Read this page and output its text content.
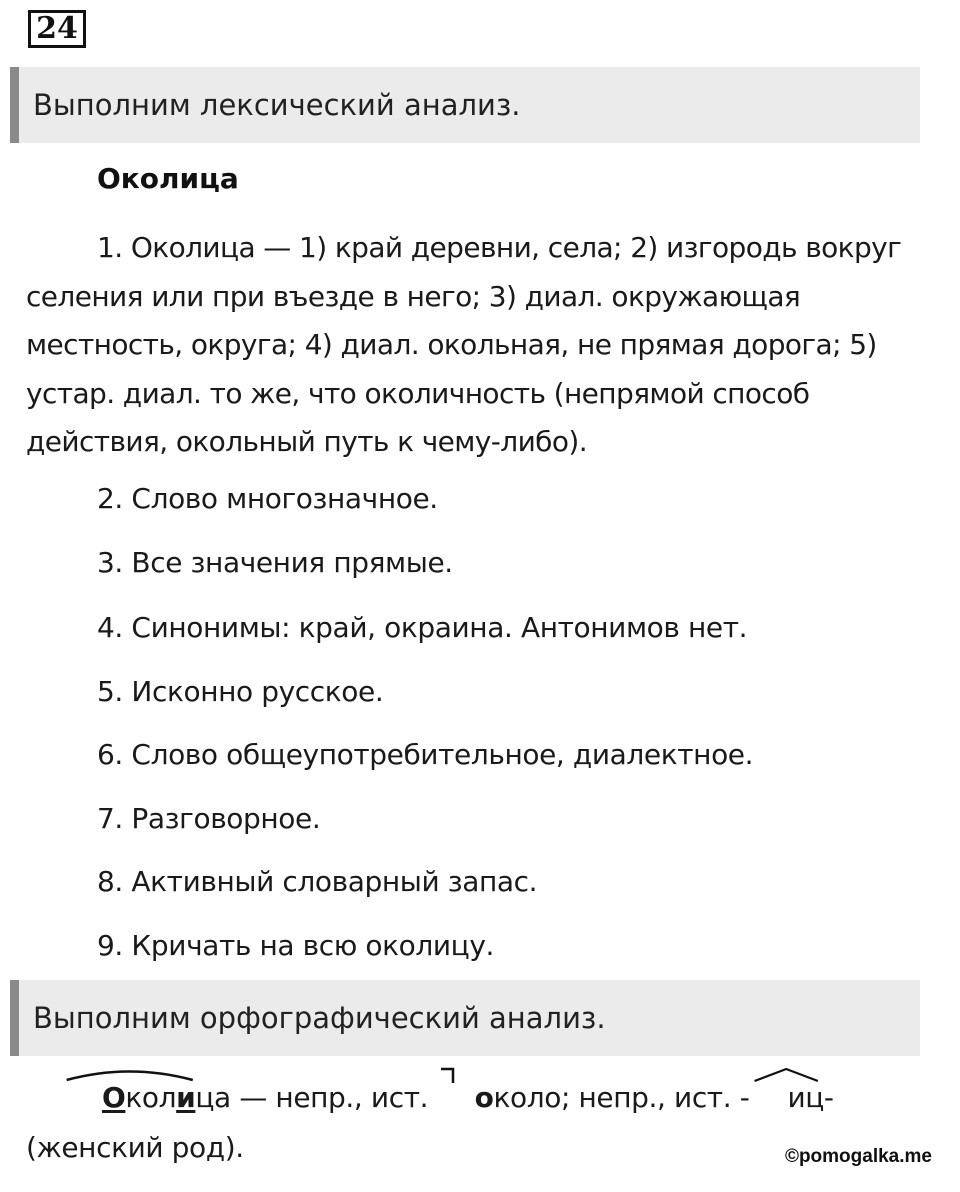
24
Выполним лексический анализ.
Околица

1. Околица — 1) край деревни, села; 2) изгородь вокруг селения или при въезде в него; 3) диал. окружающая местность, округа; 4) диал. окольная, не прямая дорога; 5) устар. диал. то же, что околичность (непрямой способ действия, окольный путь к чему-либо).

2. Слово многозначное.

3. Все значения прямые.

4. Синонимы: край, окраина. Антонимов нет.

5. Исконно русское.

6. Слово общеупотребительное, диалектное.

7. Разговорное.

8. Активный словарный запас.

9. Кричать на всю околицу.

Выполним орфографический анализ.

Околица — непр., ист.
около; непр., ист. - иц- (женский род).	©pomogalka.me
